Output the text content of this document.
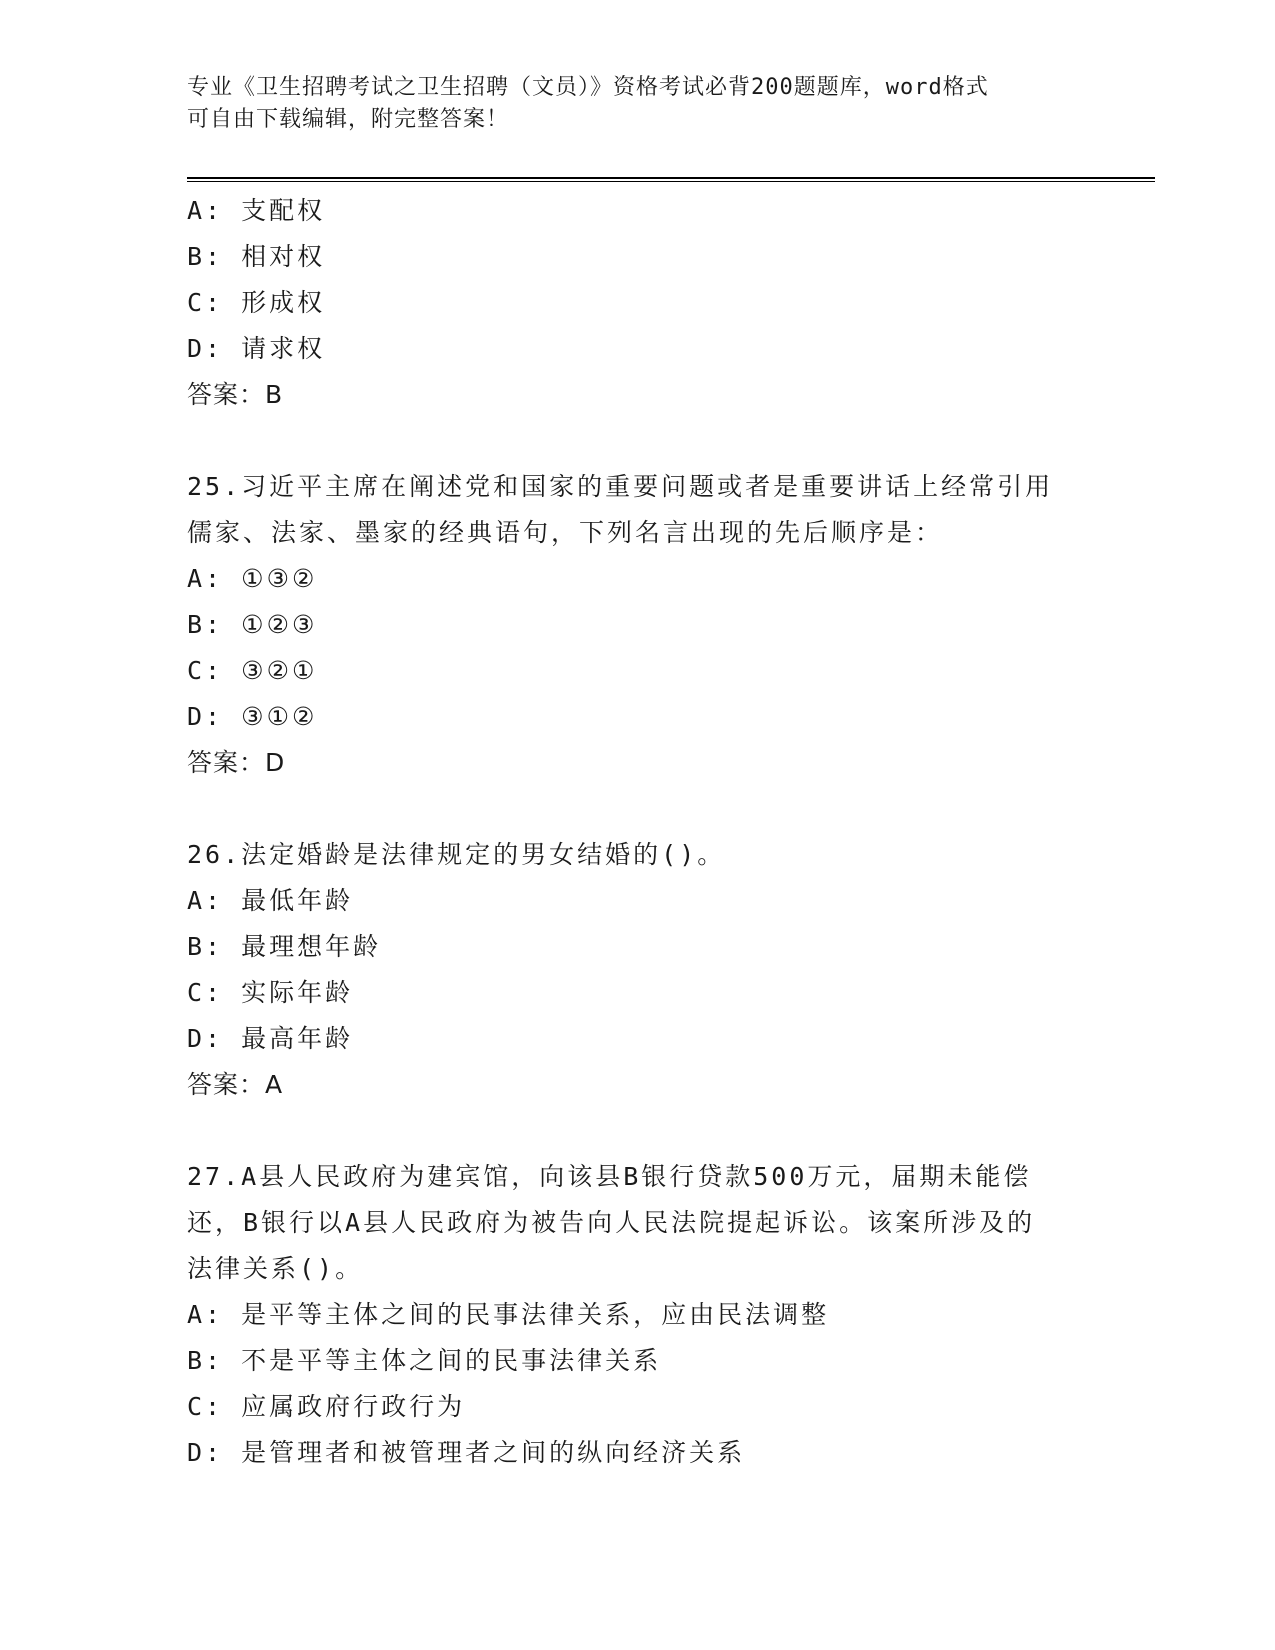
专业《卫生招聘考试之卫生招聘（文员）》资格考试必背200题题库，word格式
可自由下载编辑，附完整答案！
A: 支配权
B: 相对权
C: 形成权
D: 请求权
答案：B
25.习近平主席在阐述党和国家的重要问题或者是重要讲话上经常引用
儒家、法家、墨家的经典语句，下列名言出现的先后顺序是：
A: ①③②
B: ①②③
C: ③②①
D: ③①②
答案：D
26.法定婚龄是法律规定的男女结婚的()。
A: 最低年龄
B: 最理想年龄
C: 实际年龄
D: 最高年龄
答案：A
27.A县人民政府为建宾馆，向该县B银行贷款500万元，届期未能偿
还，B银行以A县人民政府为被告向人民法院提起诉讼。该案所涉及的
法律关系()。
A: 是平等主体之间的民事法律关系，应由民法调整
B: 不是平等主体之间的民事法律关系
C: 应属政府行政行为
D: 是管理者和被管理者之间的纵向经济关系
